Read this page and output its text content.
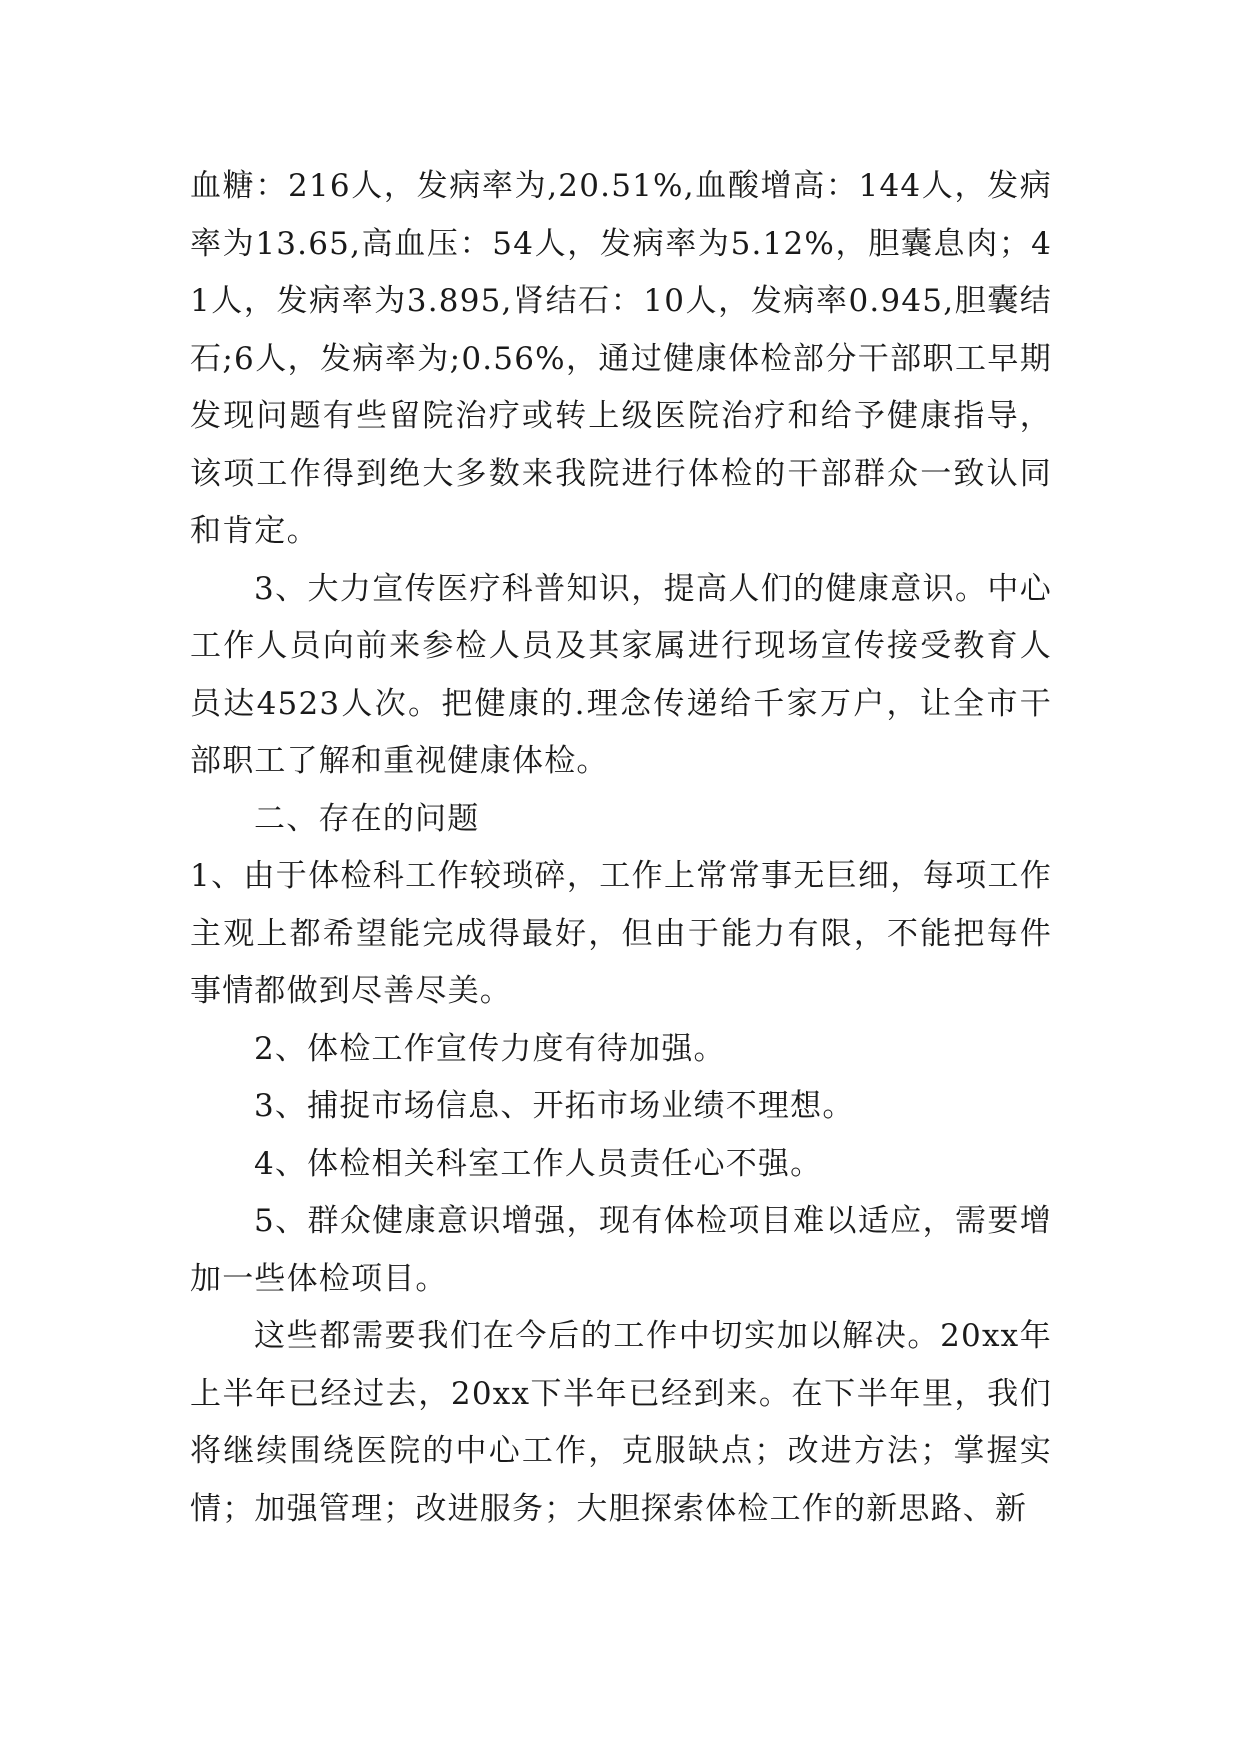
血糖：216人，发病率为,20.51%,血酸增高：144人，发病率为13.65,高血压：54人，发病率为5.12%，胆囊息肉；41人，发病率为3.895,肾结石：10人，发病率0.945,胆囊结石;6人，发病率为;0.56%，通过健康体检部分干部职工早期发现问题有些留院治疗或转上级医院治疗和给予健康指导，该项工作得到绝大多数来我院进行体检的干部群众一致认同和肯定。

3、大力宣传医疗科普知识，提高人们的健康意识。中心工作人员向前来参检人员及其家属进行现场宣传接受教育人员达4523人次。把健康的.理念传递给千家万户，让全市干部职工了解和重视健康体检。

二、存在的问题

1、由于体检科工作较琐碎，工作上常常事无巨细，每项工作主观上都希望能完成得最好，但由于能力有限，不能把每件事情都做到尽善尽美。

2、体检工作宣传力度有待加强。

3、捕捉市场信息、开拓市场业绩不理想。

4、体检相关科室工作人员责任心不强。

5、群众健康意识增强，现有体检项目难以适应，需要增加一些体检项目。

这些都需要我们在今后的工作中切实加以解决。20xx年上半年已经过去，20xx下半年已经到来。在下半年里，我们将继续围绕医院的中心工作，克服缺点；改进方法；掌握实情；加强管理；改进服务；大胆探索体检工作的新思路、新
